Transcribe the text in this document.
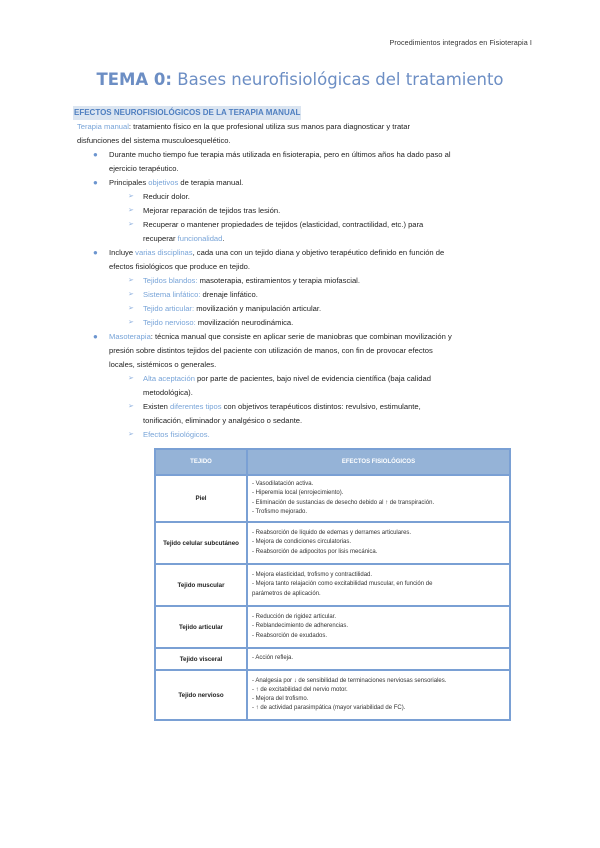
Procedimientos integrados en Fisioterapia I
TEMA 0: Bases neurofisiológicas del tratamiento
EFECTOS NEUROFISIOLÓGICOS DE LA TERAPIA MANUAL
Terapia manual: tratamiento físico en la que profesional utiliza sus manos para diagnosticar y tratar
disfunciones del sistema musculoesquelético.
● Durante mucho tiempo fue terapia más utilizada en fisioterapia, pero en últimos años ha dado paso al
ejercicio terapéutico.
● Principales objetivos de terapia manual.
➢ Reducir dolor.
➢ Mejorar reparación de tejidos tras lesión.
➢ Recuperar o mantener propiedades de tejidos (elasticidad, contractilidad, etc.) para
recuperar funcionalidad.
● Incluye varias disciplinas, cada una con un tejido diana y objetivo terapéutico definido en función de
efectos fisiológicos que produce en tejido.
➢ Tejidos blandos: masoterapia, estiramientos y terapia miofascial.
➢ Sistema linfático: drenaje linfático.
➢ Tejido articular: movilización y manipulación articular.
➢ Tejido nervioso: movilización neurodinámica.
● Masoterapia: técnica manual que consiste en aplicar serie de maniobras que combinan movilización y
presión sobre distintos tejidos del paciente con utilización de manos, con fin de provocar efectos
locales, sistémicos o generales.
➢ Alta aceptación por parte de pacientes, bajo nivel de evidencia científica (baja calidad
metodológica).
➢ Existen diferentes tipos con objetivos terapéuticos distintos: revulsivo, estimulante,
tonificación, eliminador y analgésico o sedante.
➢ Efectos fisiológicos.
TEJIDO	EFECTOS FISIOLÓGICOS
Piel	- Vasodilatación activa.
- Hiperemia local (enrojecimiento).
- Eliminación de sustancias de desecho debido al ↑ de transpiración.
- Trofismo mejorado.

Tejido celular subcutáneo	- Reabsorción de líquido de edemas y derrames articulares.
- Mejora de condiciones circulatorias.
- Reabsorción de adipocitos por lisis mecánica.

Tejido muscular	- Mejora elasticidad, trofismo y contractilidad.
- Mejora tanto relajación como excitabilidad muscular, en función de
parámetros de aplicación.

Tejido articular	- Reducción de rigidez articular.
- Reblandecimiento de adherencias.
- Reabsorción de exudados.

Tejido visceral	- Acción refleja.

Tejido nervioso	- Analgesia por ↓ de sensibilidad de terminaciones nerviosas sensoriales.
- ↑ de excitabilidad del nervio motor.
- Mejora del trofismo.
- ↑ de actividad parasimpática (mayor variabilidad de FC).
